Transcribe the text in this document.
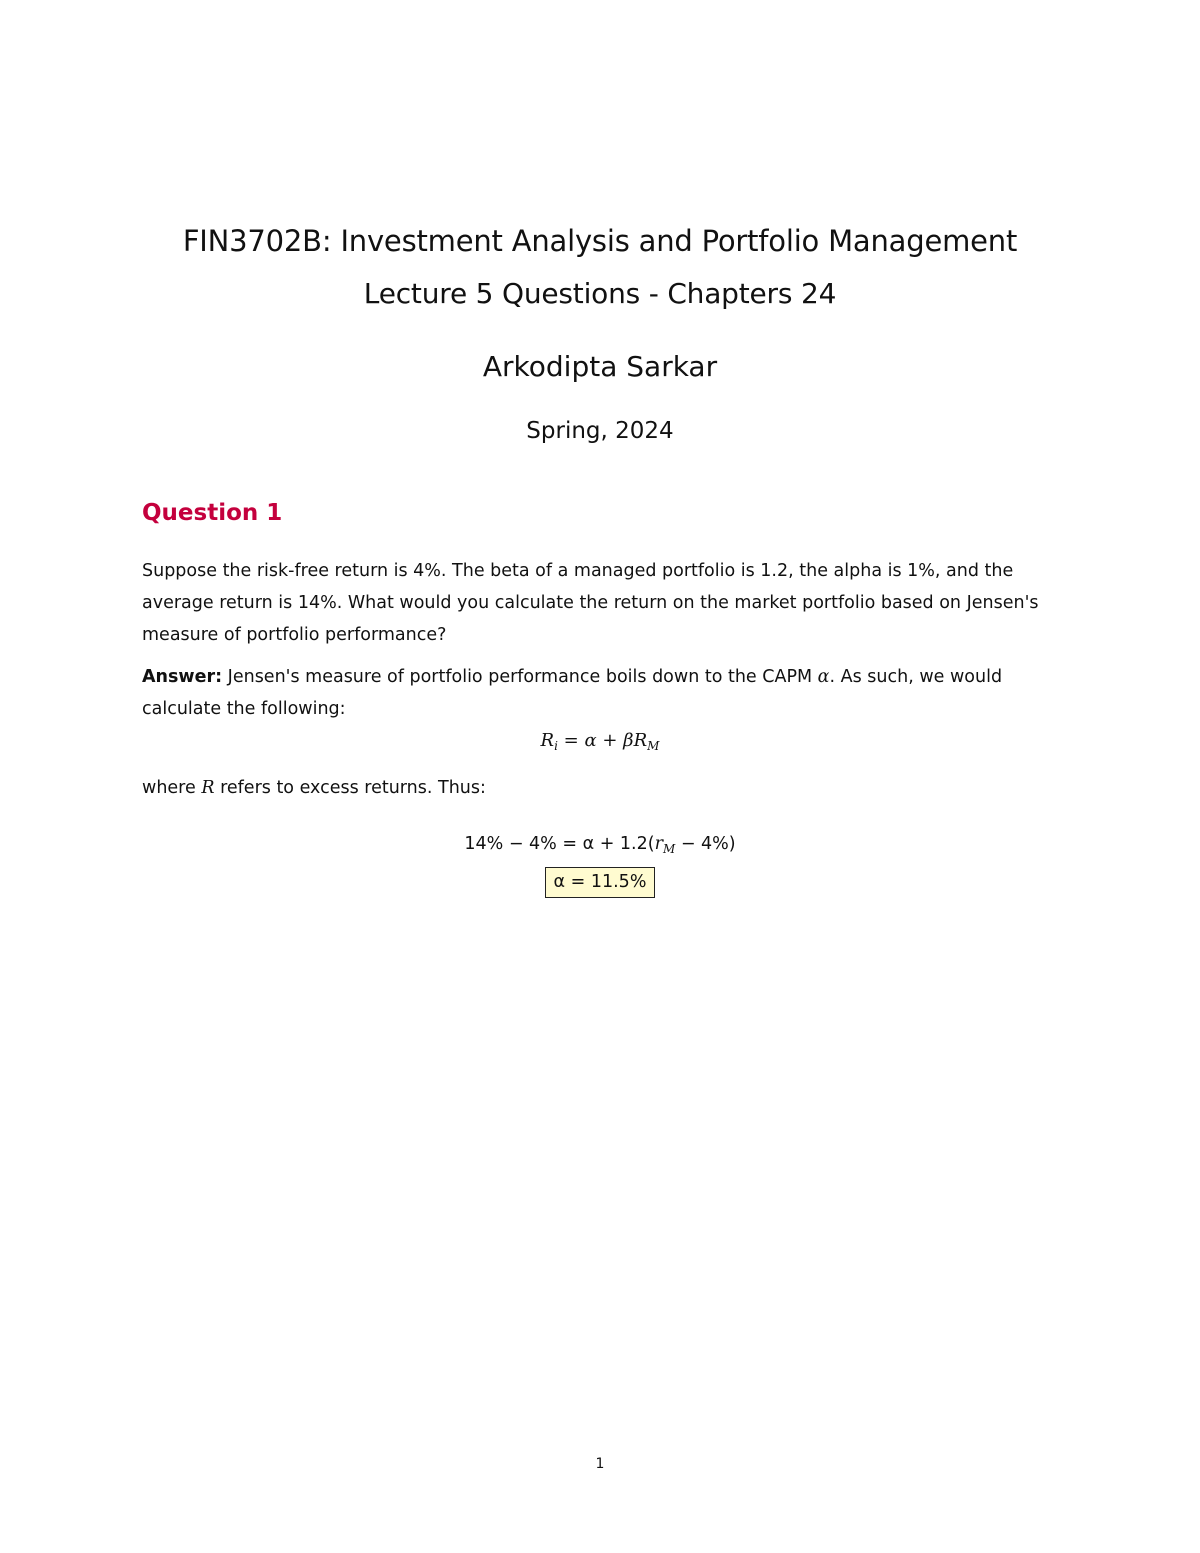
FIN3702B: Investment Analysis and Portfolio Management
Lecture 5 Questions - Chapters 24
Arkodipta Sarkar
Spring, 2024
Question 1

Suppose the risk-free return is 4%. The beta of a managed portfolio is 1.2, the alpha is 1%, and the average return is 14%. What would you calculate the return on the market portfolio based on Jensen's measure of portfolio performance?

Answer: Jensen's measure of portfolio performance boils down to the CAPM α. As such, we would calculate the following:

$R_i = \alpha + \beta R_M$

where R refers to excess returns. Thus:

$14\% - 4\% = \alpha + 1.2(r_M - 4\%)$
α = 11.5%
1
